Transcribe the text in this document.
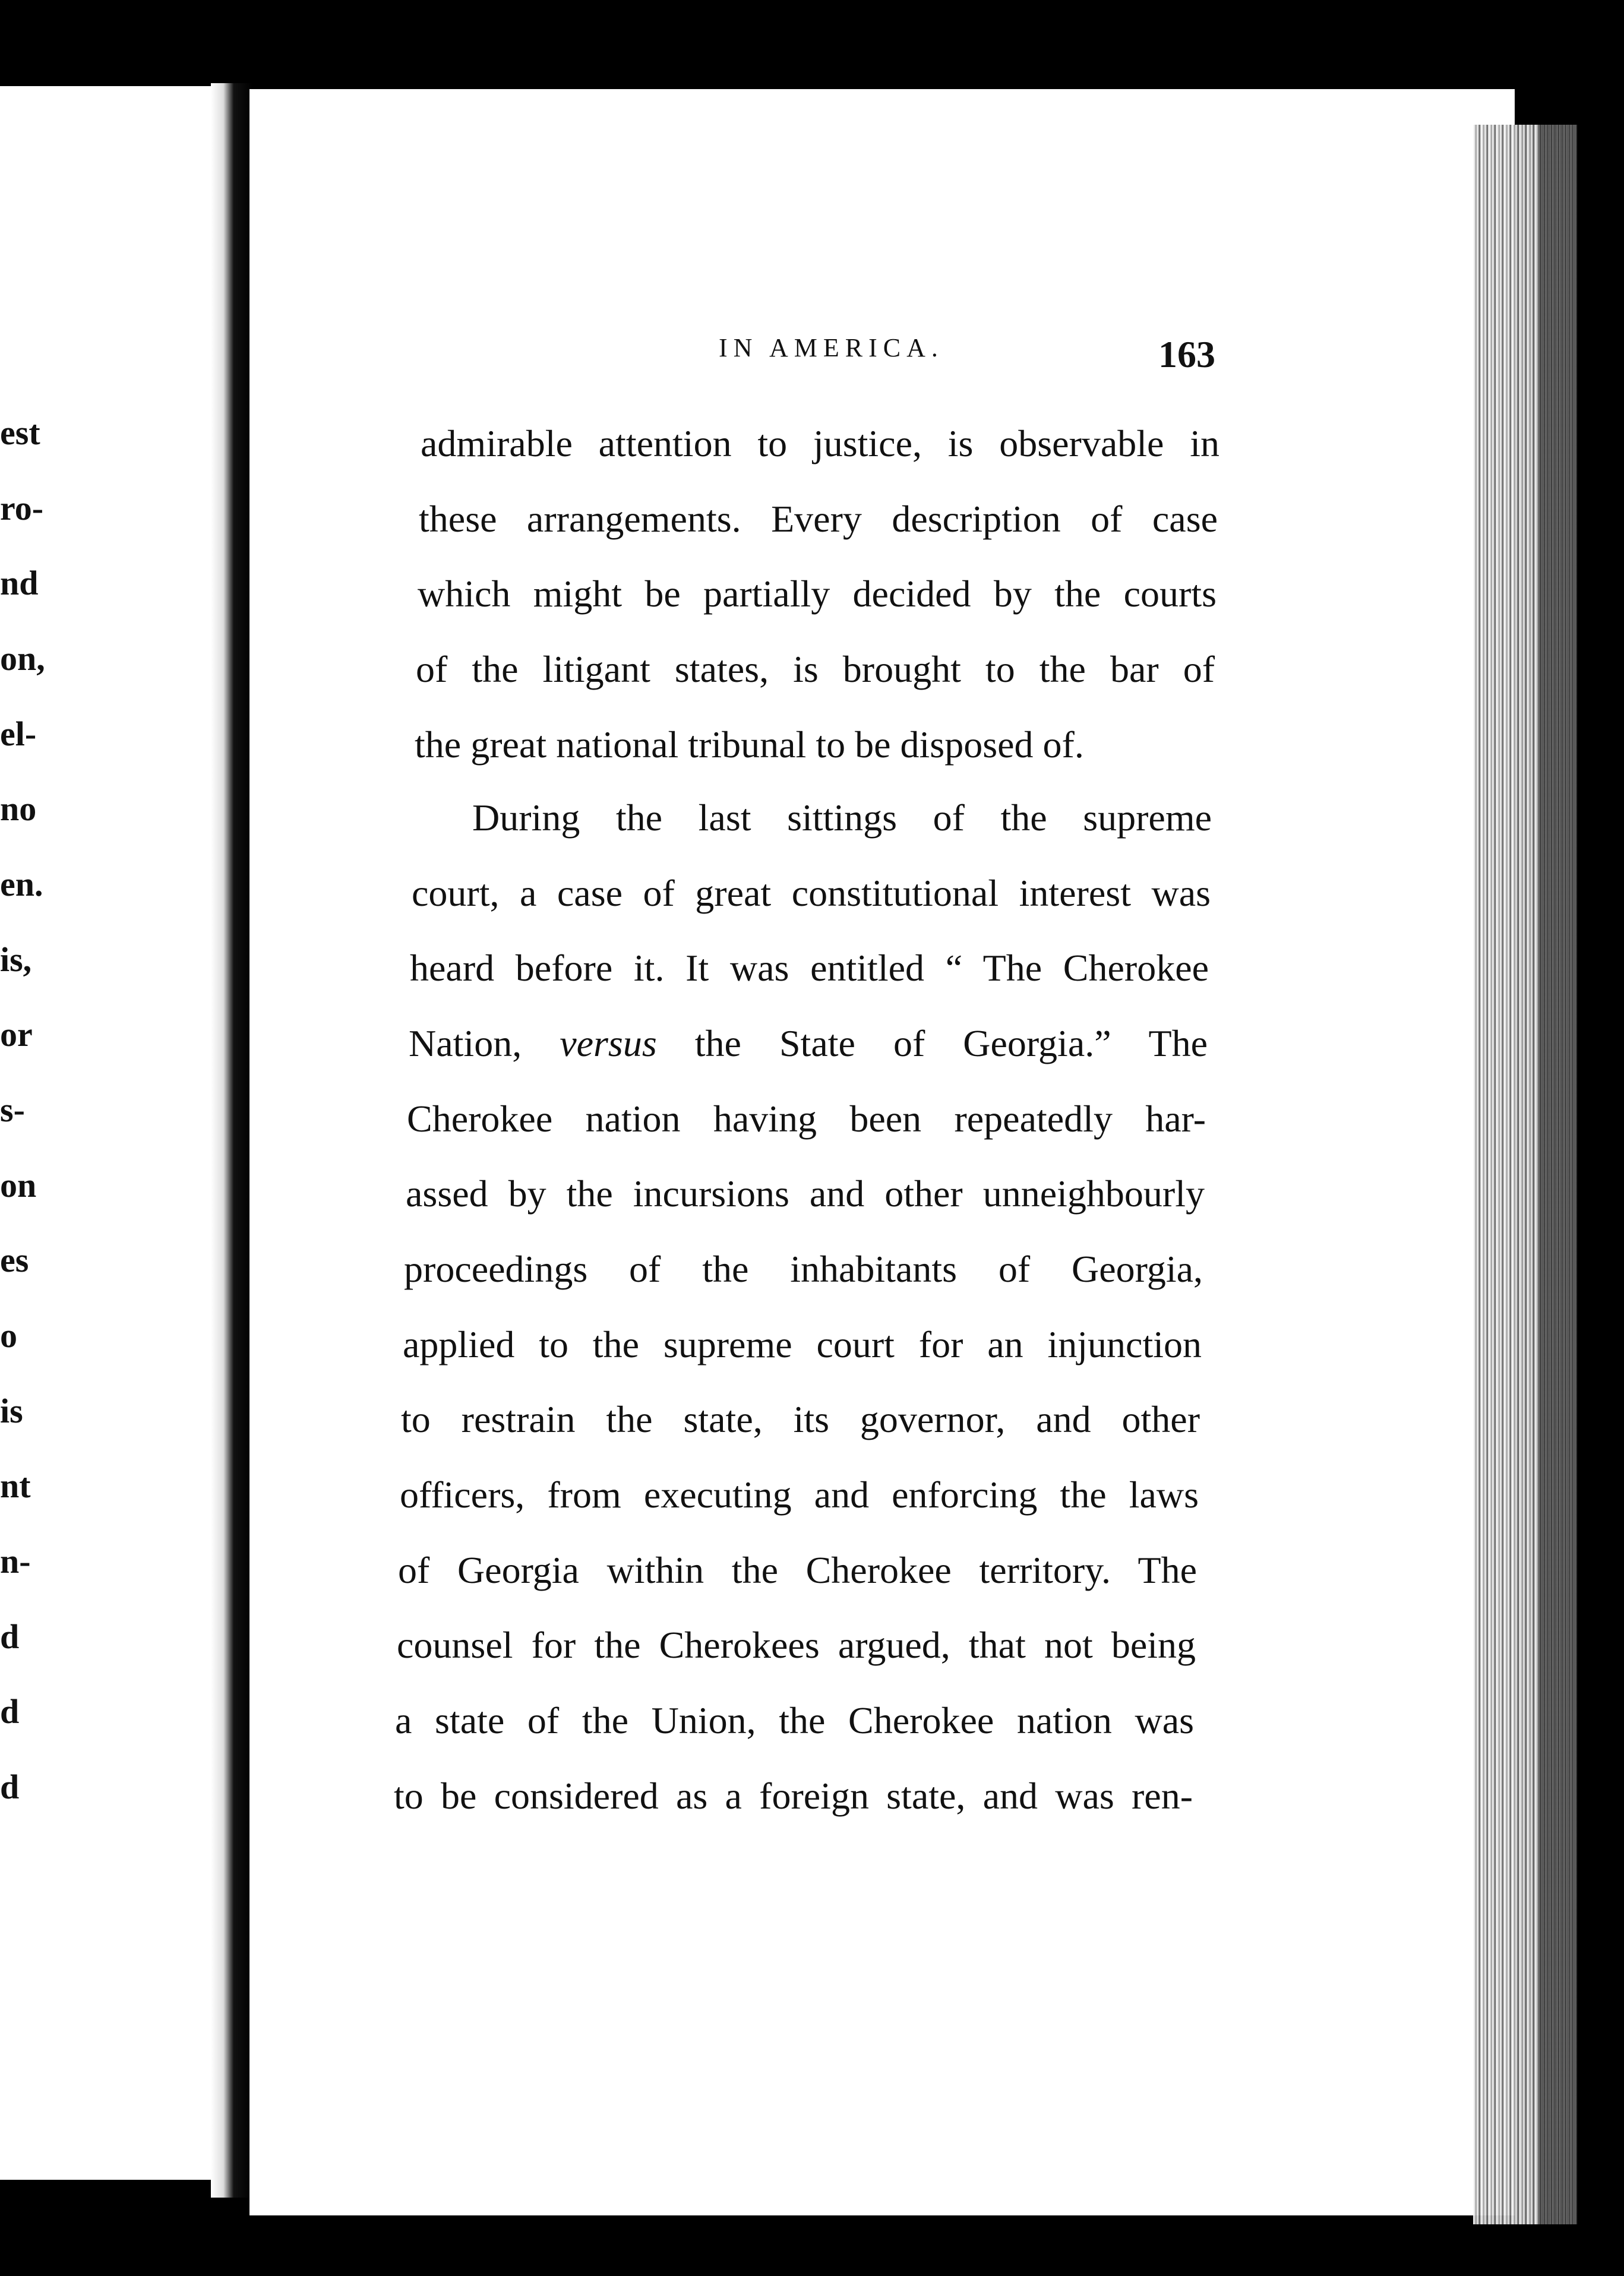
est
ro-
nd
on,
el-
no
en.
is,
or
s-
on
es
o
is
nt
n-
d
d
d
IN AMERICA.	163
admirable attention to justice, is observable in
these arrangements. Every description of case
which might be partially decided by the courts
of the litigant states, is brought to the bar of
the great national tribunal to be disposed of.
During the last sittings of the supreme
court, a case of great constitutional interest was
heard before it. It was entitled “ The Cherokee
Nation, versus the State of Georgia.” The
Cherokee nation having been repeatedly har-
assed by the incursions and other unneighbourly
proceedings of the inhabitants of Georgia,
applied to the supreme court for an injunction
to restrain the state, its governor, and other
officers, from executing and enforcing the laws
of Georgia within the Cherokee territory. The
counsel for the Cherokees argued, that not being
a state of the Union, the Cherokee nation was
to be considered as a foreign state, and was ren-
